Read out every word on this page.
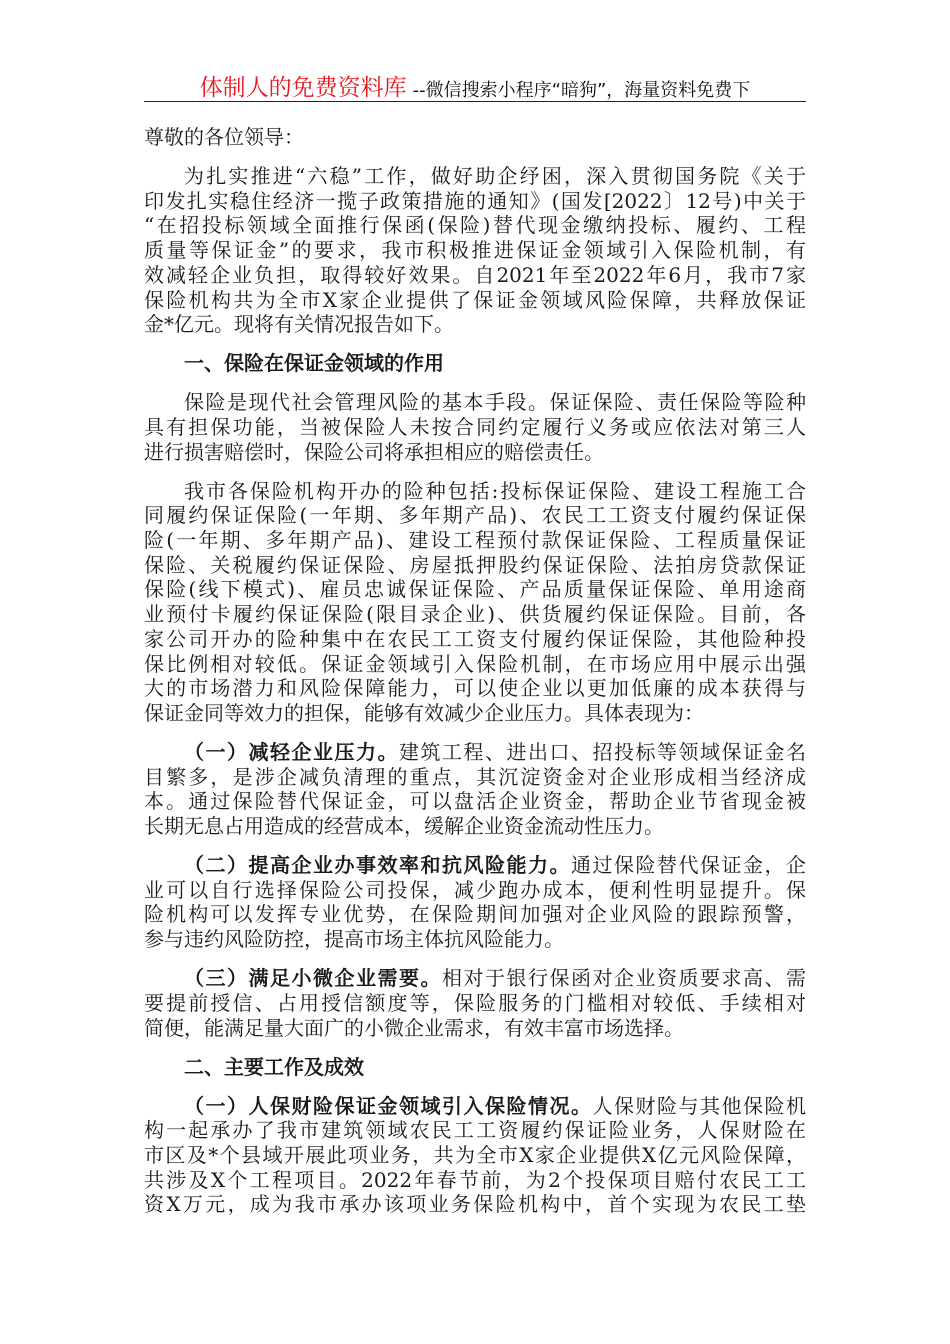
体制人的免费资料库 --微信搜索小程序“暗狗”，海量资料免费下
尊敬的各位领导：
为扎实推进“六稳”工作，做好助企纾困，深入贯彻国务院《关于
印发扎实稳住经济一揽子政策措施的通知》(国发[2022〕12号)中关于
“在招投标领域全面推行保函(保险)替代现金缴纳投标、履约、工程
质量等保证金”的要求，我市积极推进保证金领域引入保险机制，有
效减轻企业负担，取得较好效果。自2021年至2022年6月，我市7家
保险机构共为全市X家企业提供了保证金领域风险保障，共释放保证
金*亿元。现将有关情况报告如下。
一、保险在保证金领域的作用
保险是现代社会管理风险的基本手段。保证保险、责任保险等险种
具有担保功能，当被保险人未按合同约定履行义务或应依法对第三人
进行损害赔偿时，保险公司将承担相应的赔偿责任。
我市各保险机构开办的险种包括:投标保证保险、建设工程施工合
同履约保证保险(一年期、多年期产品)、农民工工资支付履约保证保
险(一年期、多年期产品)、建设工程预付款保证保险、工程质量保证
保险、关税履约保证保险、房屋抵押股约保证保险、法拍房贷款保证
保险(线下模式)、雇员忠诚保证保险、产品质量保证保险、单用途商
业预付卡履约保证保险(限目录企业)、供货履约保证保险。目前，各
家公司开办的险种集中在农民工工资支付履约保证保险，其他险种投
保比例相对较低。保证金领域引入保险机制，在市场应用中展示出强
大的市场潜力和风险保障能力，可以使企业以更加低廉的成本获得与
保证金同等效力的担保，能够有效减少企业压力。具体表现为：
（一）减轻企业压力。建筑工程、进出口、招投标等领域保证金名
目繁多，是涉企减负清理的重点，其沉淀资金对企业形成相当经济成
本。通过保险替代保证金，可以盘活企业资金，帮助企业节省现金被
长期无息占用造成的经营成本，缓解企业资金流动性压力。
（二）提高企业办事效率和抗风险能力。通过保险替代保证金，企
业可以自行选择保险公司投保，减少跑办成本，便利性明显提升。保
险机构可以发挥专业优势，在保险期间加强对企业风险的跟踪预警，
参与违约风险防控，提高市场主体抗风险能力。
（三）满足小微企业需要。相对于银行保函对企业资质要求高、需
要提前授信、占用授信额度等，保险服务的门槛相对较低、手续相对
简便，能满足量大面广的小微企业需求，有效丰富市场选择。
二、主要工作及成效
（一）人保财险保证金领域引入保险情况。人保财险与其他保险机
构一起承办了我市建筑领域农民工工资履约保证险业务，人保财险在
市区及*个县域开展此项业务，共为全市X家企业提供X亿元风险保障，
共涉及X个工程项目。2022年春节前，为2个投保项目赔付农民工工
资X万元，成为我市承办该项业务保险机构中，首个实现为农民工垫
